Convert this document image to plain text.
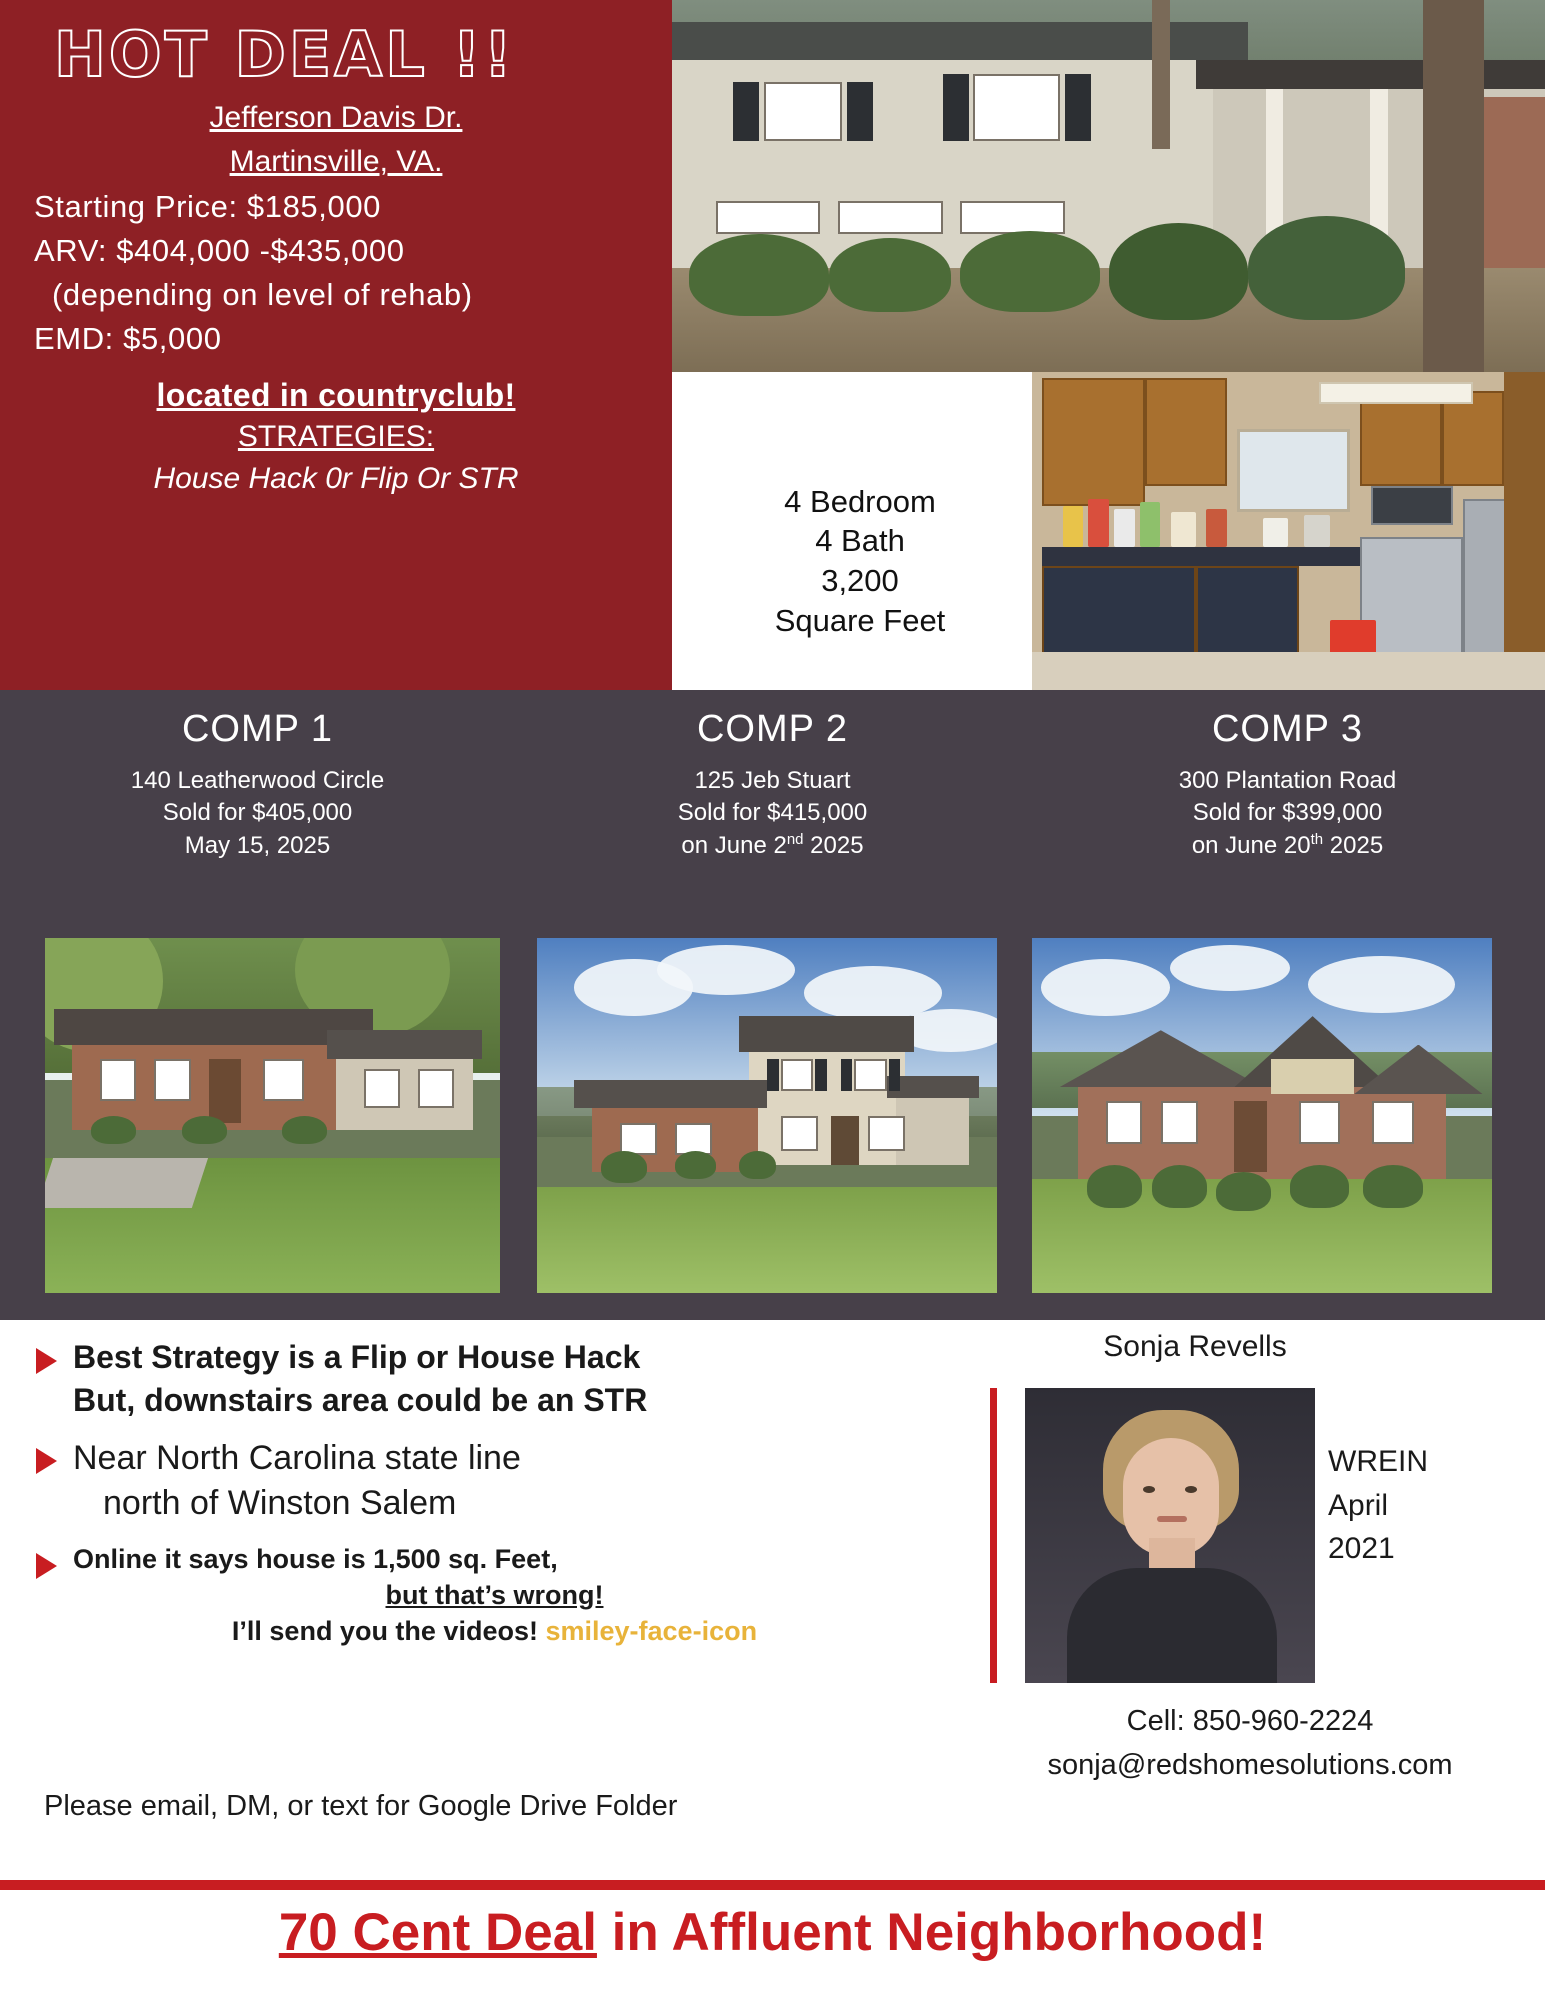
HOT DEAL !!
Jefferson Davis Dr.
Martinsville, VA.
Starting Price: $185,000
ARV: $404,000 -$435,000
(depending on level of rehab)
EMD: $5,000
located in countryclub!
STRATEGIES:
House Hack 0r Flip Or STR
4 Bedroom
4 Bath
3,200
Square Feet
COMP 1
140 Leatherwood Circle
Sold for $405,000
May 15, 2025
COMP 2
125 Jeb Stuart
Sold for $415,000
on June 2nd 2025
COMP 3
300 Plantation Road
Sold for $399,000
on June 20th 2025
Best Strategy is a Flip or House Hack
But, downstairs area could be an STR
Near North Carolina state line
north of Winston Salem
Online it says house is 1,500 sq. Feet,
but that’s wrong!
I’ll send you the videos! smiley-face-icon
Please email, DM, or text for Google Drive Folder
Sonja Revells
WREIN
April
2021
Cell: 850-960-2224
sonja@redshomesolutions.com
70 Cent Deal in Affluent Neighborhood!
